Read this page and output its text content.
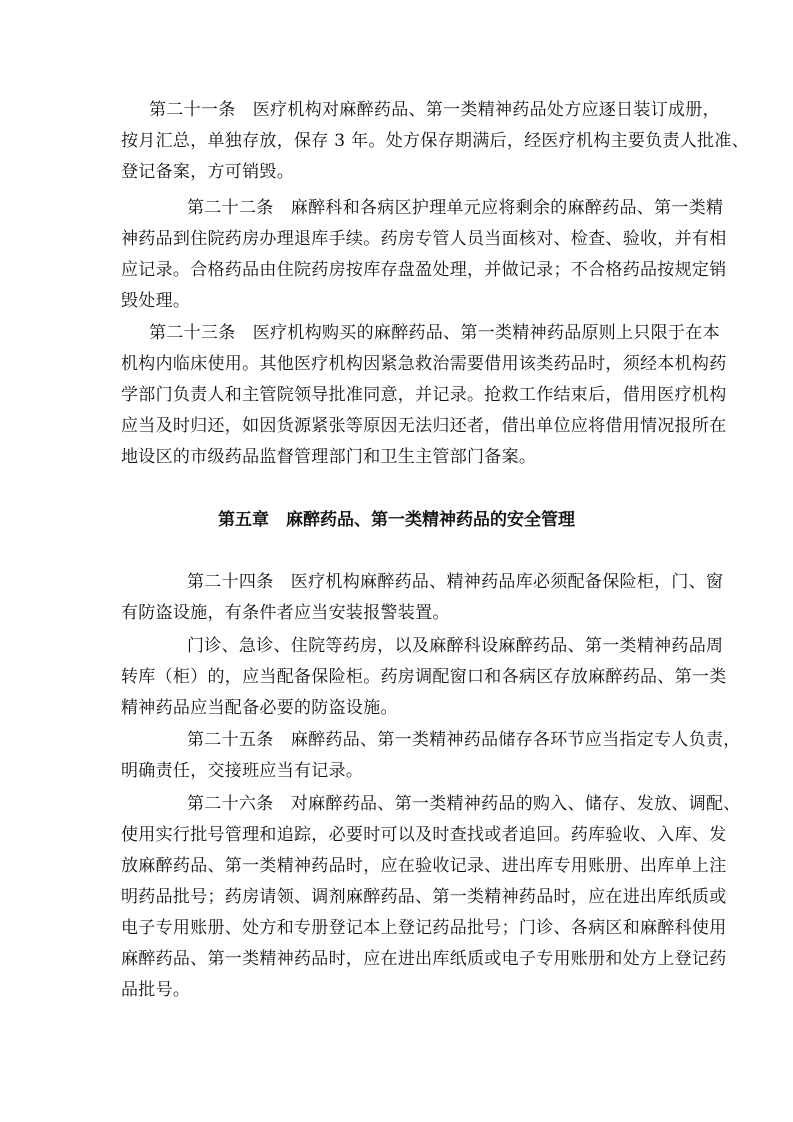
第二十一条　医疗机构对麻醉药品、第一类精神药品处方应逐日装订成册，
按月汇总，单独存放，保存 3 年。处方保存期满后，经医疗机构主要负责人批准、
登记备案，方可销毁。
第二十二条　麻醉科和各病区护理单元应将剩余的麻醉药品、第一类精
神药品到住院药房办理退库手续。药房专管人员当面核对、检查、验收，并有相
应记录。合格药品由住院药房按库存盘盈处理，并做记录；不合格药品按规定销
毁处理。
第二十三条　医疗机构购买的麻醉药品、第一类精神药品原则上只限于在本
机构内临床使用。其他医疗机构因紧急救治需要借用该类药品时，须经本机构药
学部门负责人和主管院领导批准同意，并记录。抢救工作结束后，借用医疗机构
应当及时归还，如因货源紧张等原因无法归还者，借出单位应将借用情况报所在
地设区的市级药品监督管理部门和卫生主管部门备案。
第五章　麻醉药品、第一类精神药品的安全管理
第二十四条　医疗机构麻醉药品、精神药品库必须配备保险柜，门、窗
有防盗设施，有条件者应当安装报警装置。
门诊、急诊、住院等药房，以及麻醉科设麻醉药品、第一类精神药品周
转库（柜）的，应当配备保险柜。药房调配窗口和各病区存放麻醉药品、第一类
精神药品应当配备必要的防盗设施。
第二十五条　麻醉药品、第一类精神药品储存各环节应当指定专人负责，
明确责任，交接班应当有记录。
第二十六条　对麻醉药品、第一类精神药品的购入、储存、发放、调配、
使用实行批号管理和追踪，必要时可以及时查找或者追回。药库验收、入库、发
放麻醉药品、第一类精神药品时，应在验收记录、进出库专用账册、出库单上注
明药品批号；药房请领、调剂麻醉药品、第一类精神药品时，应在进出库纸质或
电子专用账册、处方和专册登记本上登记药品批号；门诊、各病区和麻醉科使用
麻醉药品、第一类精神药品时，应在进出库纸质或电子专用账册和处方上登记药
品批号。
